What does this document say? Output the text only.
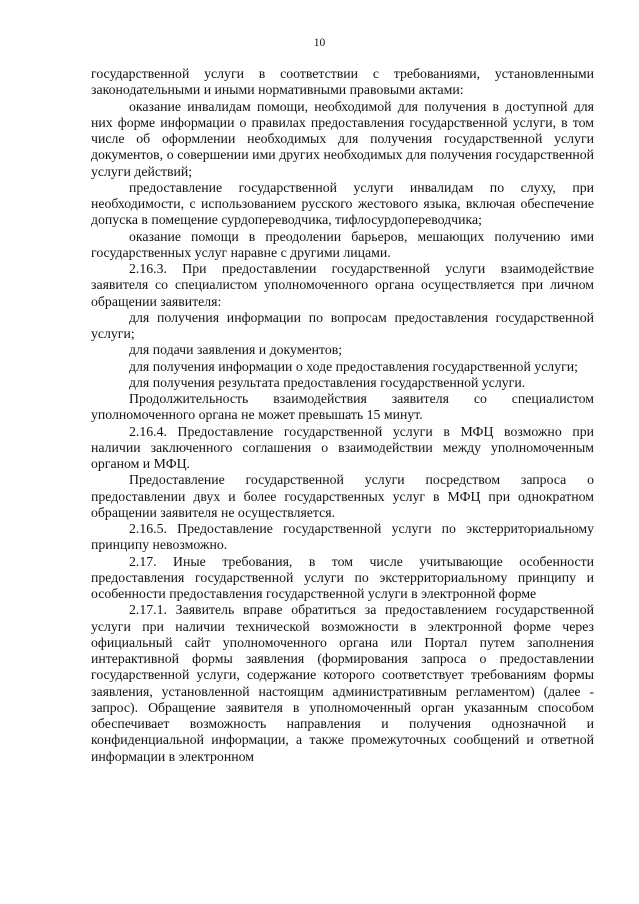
10

государственной услуги в соответствии с требованиями, установленными законодательными и иными нормативными правовыми актами:

оказание инвалидам помощи, необходимой для получения в доступной для них форме информации о правилах предоставления государственной услуги, в том числе об оформлении необходимых для получения государственной услуги документов, о совершении ими других необходимых для получения государственной услуги действий;

предоставление государственной услуги инвалидам по слуху, при необходимости, с использованием русского жестового языка, включая обеспечение допуска в помещение сурдопереводчика, тифлосурдопереводчика;

оказание помощи в преодолении барьеров, мешающих получению ими государственных услуг наравне с другими лицами.

2.16.3. При предоставлении государственной услуги взаимодействие заявителя со специалистом уполномоченного органа осуществляется при личном обращении заявителя:

для получения информации по вопросам предоставления государственной услуги;

для подачи заявления и документов;

для получения информации о ходе предоставления государственной услуги;

для получения результата предоставления государственной услуги.

Продолжительность взаимодействия заявителя со специалистом уполномоченного органа не может превышать 15 минут.

2.16.4. Предоставление государственной услуги в МФЦ возможно при наличии заключенного соглашения о взаимодействии между уполномоченным органом и МФЦ.

Предоставление государственной услуги посредством запроса о предоставлении двух и более государственных услуг в МФЦ при однократном обращении заявителя не осуществляется.

2.16.5. Предоставление государственной услуги по экстерриториальному принципу невозможно.

2.17. Иные требования, в том числе учитывающие особенности предоставления государственной услуги по экстерриториальному принципу и особенности предоставления государственной услуги в электронной форме

2.17.1. Заявитель вправе обратиться за предоставлением государственной услуги при наличии технической возможности в электронной форме через официальный сайт уполномоченного органа или Портал путем заполнения интерактивной формы заявления (формирования запроса о предоставлении государственной услуги, содержание которого соответствует требованиям формы заявления, установленной настоящим административным регламентом) (далее - запрос). Обращение заявителя в уполномоченный орган указанным способом обеспечивает возможность направления и получения однозначной и конфиденциальной информации, а также промежуточных сообщений и ответной информации в электронном
